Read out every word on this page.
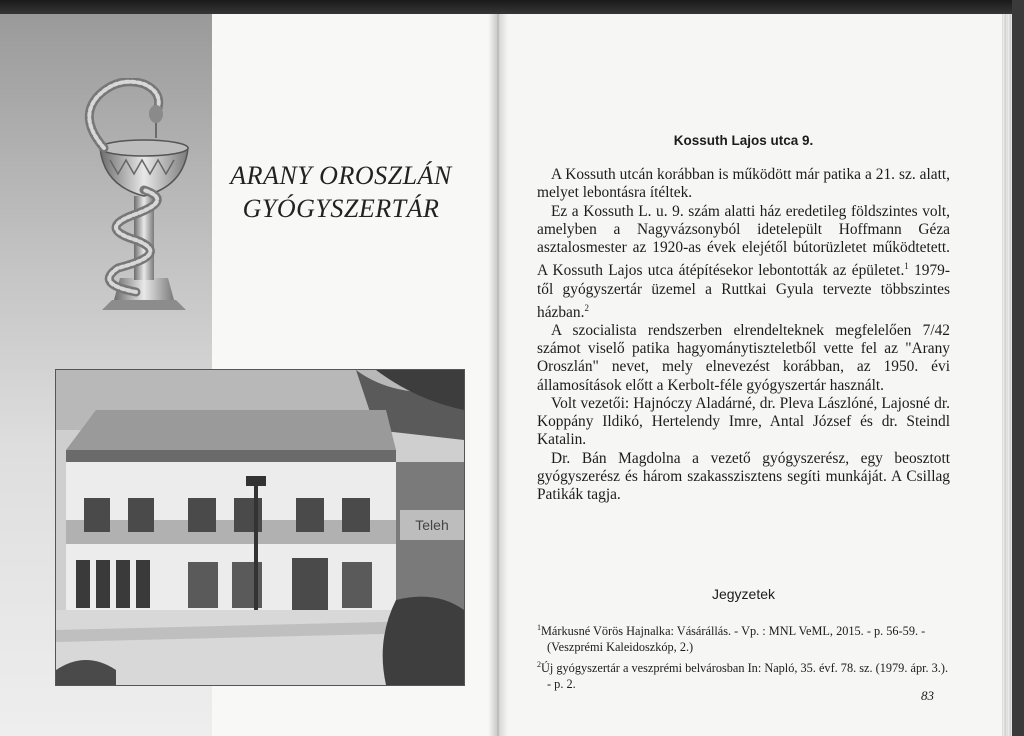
ARANY OROSZLÁN
GYÓGYSZERTÁR
Teleh
Kossuth Lajos utca 9.

A Kossuth utcán korábban is működött már patika a 21. sz. alatt, melyet lebontásra ítéltek.

Ez a Kossuth L. u. 9. szám alatti ház eredetileg földszintes volt, amelyben a Nagyvázsonyból idetelepült Hoffmann Géza asztalosmester az 1920-as évek elejétől bútorüzletet működtetett. A Kossuth Lajos utca átépítésekor lebontották az épületet.$^1$ 1979-től gyógyszertár üzemel a Ruttkai Gyula tervezte többszintes házban.$^2$

A szocialista rendszerben elrendelteknek megfelelően 7/42 számot viselő patika hagyománytiszteletből vette fel az "Arany Oroszlán" nevet, mely elnevezést korábban, az 1950. évi államosítások előtt a Kerbolt-féle gyógyszertár használt.

Volt vezetői: Hajnóczy Aladárné, dr. Pleva Lászlóné, Lajosné dr. Koppány Ildikó, Hertelendy Imre, Antal József és dr. Steindl Katalin.

Dr. Bán Magdolna a vezető gyógyszerész, egy beosztott gyógyszerész és három szakasszisztens segíti munkáját. A Csillag Patikák tagja.

Jegyzetek

$^1$Márkusné Vörös Hajnalka: Vásárállás. - Vp. : MNL VeML, 2015. - p. 56-59. - (Veszprémi Kaleidoszkóp, 2.)

$^2$Új gyógyszertár a veszprémi belvárosban In: Napló, 35. évf. 78. sz. (1979. ápr. 3.). - p. 2.

83
